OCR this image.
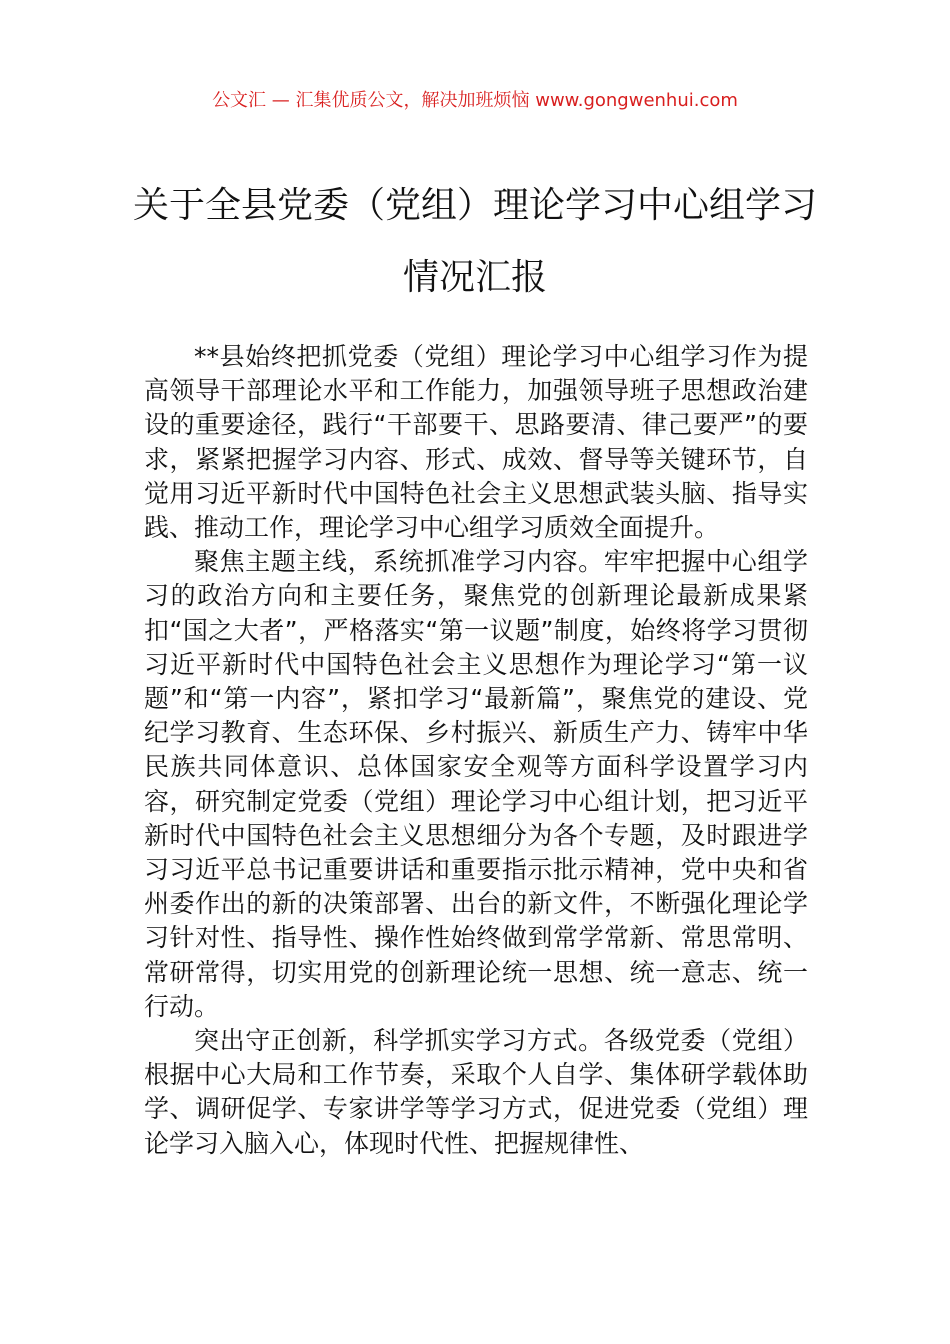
公文汇 — 汇集优质公文，解决加班烦恼 www.gongwenhui.com
关于全县党委（党组）理论学习中心组学习情况汇报

**县始终把抓党委（党组）理论学习中心组学习作为提高领导干部理论水平和工作能力，加强领导班子思想政治建设的重要途径，践行“干部要干、思路要清、律己要严”的要求，紧紧把握学习内容、形式、成效、督导等关键环节，自觉用习近平新时代中国特色社会主义思想武装头脑、指导实践、推动工作，理论学习中心组学习质效全面提升。

聚焦主题主线，系统抓准学习内容。牢牢把握中心组学习的政治方向和主要任务，聚焦党的创新理论最新成果紧扣“国之大者”，严格落实“第一议题”制度，始终将学习贯彻习近平新时代中国特色社会主义思想作为理论学习“第一议题”和“第一内容”，紧扣学习“最新篇”，聚焦党的建设、党纪学习教育、生态环保、乡村振兴、新质生产力、铸牢中华民族共同体意识、总体国家安全观等方面科学设置学习内容，研究制定党委（党组）理论学习中心组计划，把习近平新时代中国特色社会主义思想细分为各个专题，及时跟进学习习近平总书记重要讲话和重要指示批示精神，党中央和省州委作出的新的决策部署、出台的新文件，不断强化理论学习针对性、指导性、操作性始终做到常学常新、常思常明、常研常得，切实用党的创新理论统一思想、统一意志、统一行动。

突出守正创新，科学抓实学习方式。各级党委（党组）根据中心大局和工作节奏，采取个人自学、集体研学载体助学、调研促学、专家讲学等学习方式，促进党委（党组）理论学习入脑入心，体现时代性、把握规律性、
